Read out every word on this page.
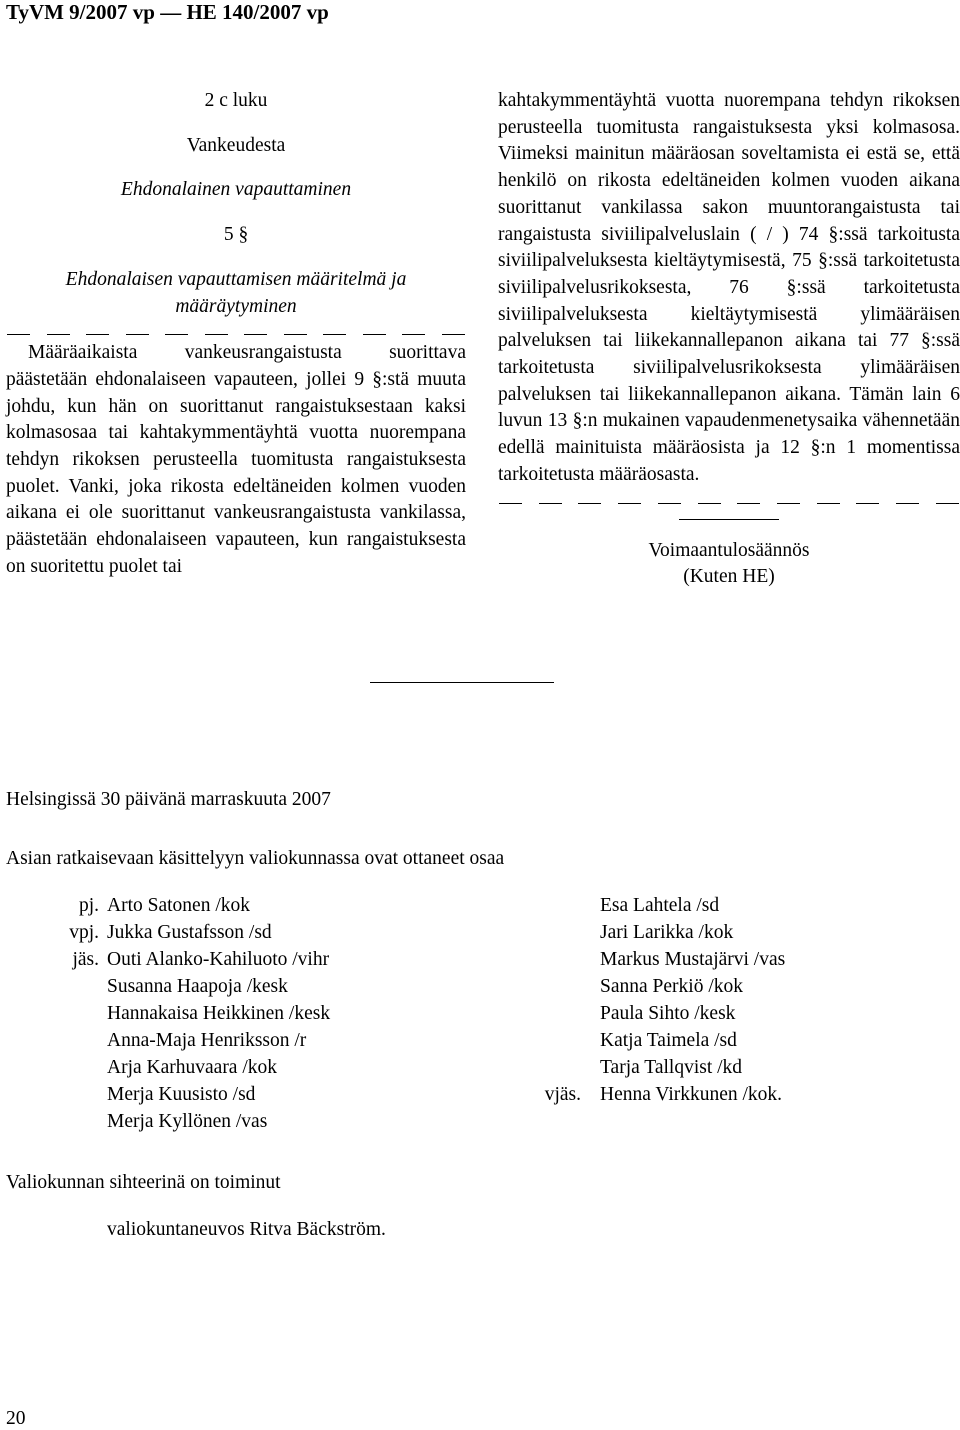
TyVM 9/2007 vp — HE 140/2007 vp

2 c luku

Vankeudesta

Ehdonalainen vapauttaminen

5 §

Ehdonalaisen vapauttamisen määritelmä ja määräytyminen

Määräaikaista vankeusrangaistusta suorittava päästetään ehdonalaiseen vapauteen, jollei 9 §:stä muuta johdu, kun hän on suorittanut rangaistuksestaan kaksi kolmasosaa tai kahtakymmentäyhtä vuotta nuorempana tehdyn rikoksen perusteella tuomitusta rangaistuksesta puolet. Vanki, joka rikosta edeltäneiden kolmen vuoden aikana ei ole suorittanut vankeusrangaistusta vankilassa, päästetään ehdonalaiseen vapauteen, kun rangaistuksesta on suoritettu puolet tai

kahtakymmentäyhtä vuotta nuorempana tehdyn rikoksen perusteella tuomitusta rangaistuksesta yksi kolmasosa. Viimeksi mainitun määräosan soveltamista ei estä se, että henkilö on rikosta edeltäneiden kolmen vuoden aikana suorittanut vankilassa sakon muuntorangaistusta tai rangaistusta siviilipalveluslain ( / ) 74 §:ssä tarkoitusta siviilipalveluksesta kieltäytymisestä, 75 §:ssä tarkoitetusta siviilipalvelusrikoksesta, 76 §:ssä tarkoitetusta siviilipalveluksesta kieltäytymisestä ylimääräisen palveluksen tai liikekannallepanon aikana tai 77 §:ssä tarkoitetusta siviilipalvelusrikoksesta ylimääräisen palveluksen tai liikekannallepanon aikana. Tämän lain 6 luvun 13 §:n mukainen vapaudenmenetysaika vähennetään edellä mainituista määräosista ja 12 §:n 1 momentissa tarkoitetusta määräosasta.

Voimaantulosäännös

(Kuten HE)

Helsingissä 30 päivänä marraskuuta 2007
Asian ratkaisevaan käsittelyyn valiokunnassa ovat ottaneet osaa
pj. Arto Satonen /kok
vpj. Jukka Gustafsson /sd
jäs. Outi Alanko-Kahiluoto /vihr
Susanna Haapoja /kesk
Hannakaisa Heikkinen /kesk
Anna-Maja Henriksson /r
Arja Karhuvaara /kok
Merja Kuusisto /sd
Merja Kyllönen /vas
Esa Lahtela /sd
Jari Larikka /kok
Markus Mustajärvi /vas
Sanna Perkiö /kok
Paula Sihto /kesk
Katja Taimela /sd
Tarja Tallqvist /kd
vjäs. Henna Virkkunen /kok.
Valiokunnan sihteerinä on toiminut
valiokuntaneuvos Ritva Bäckström.
20
